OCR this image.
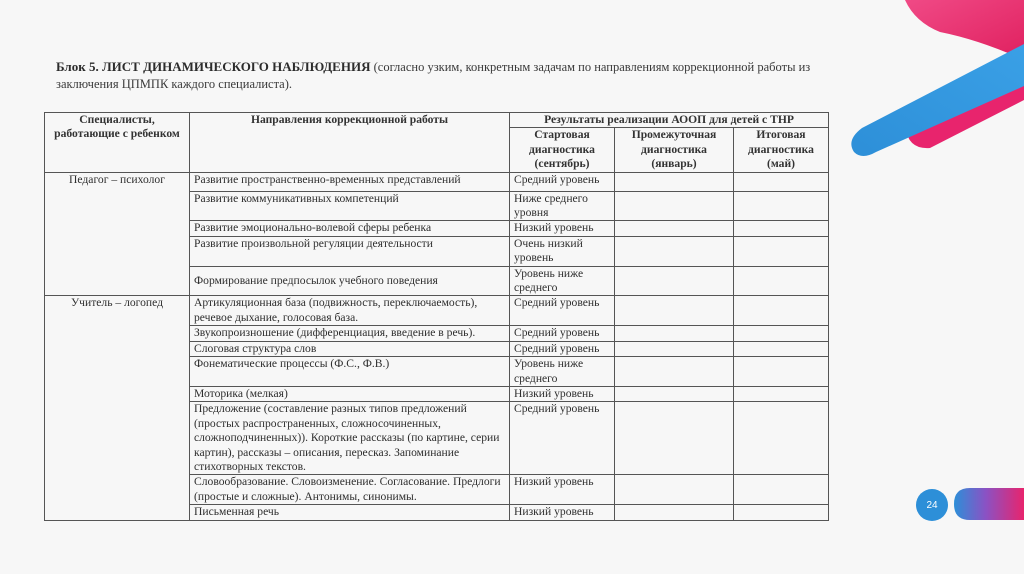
Блок 5. ЛИСТ ДИНАМИЧЕСКОГО НАБЛЮДЕНИЯ (согласно узким, конкретным задачам по направлениям коррекционной работы из заключения ЦПМПК каждого специалиста).
Специалисты, работающие с ребенком	Направления коррекционной работы	Результаты реализации АООП для детей с ТНР		
		Стартовая диагностика (сентябрь)	Промежуточная диагностика (январь)	Итоговая диагностика (май)
Педагог – психолог	Развитие пространственно-временных представлений	Средний уровень		
	Развитие коммуникативных компетенций	Ниже среднего уровня		
	Развитие эмоционально-волевой сферы ребенка	Низкий уровень		
	Развитие произвольной регуляции деятельности	Очень низкий уровень		
	Формирование предпосылок учебного поведения	Уровень ниже среднего		
Учитель – логопед	Артикуляционная база (подвижность, переключаемость), речевое дыхание, голосовая база.	Средний уровень		
	Звукопроизношение (дифференциация, введение в речь).	Средний уровень		
	Слоговая структура слов	Средний уровень		
	Фонематические процессы (Ф.С., Ф.В.)	Уровень ниже среднего		
	Моторика (мелкая)	Низкий уровень		
	Предложение (составление разных типов предложений (простых распространенных, сложносочиненных, сложноподчиненных)). Короткие рассказы (по картине, серии картин), рассказы – описания, пересказ. Запоминание стихотворных текстов.	Средний уровень		
	Словообразование. Словоизменение. Согласование. Предлоги (простые и сложные). Антонимы, синонимы.	Низкий уровень		
	Письменная речь	Низкий уровень		
24
